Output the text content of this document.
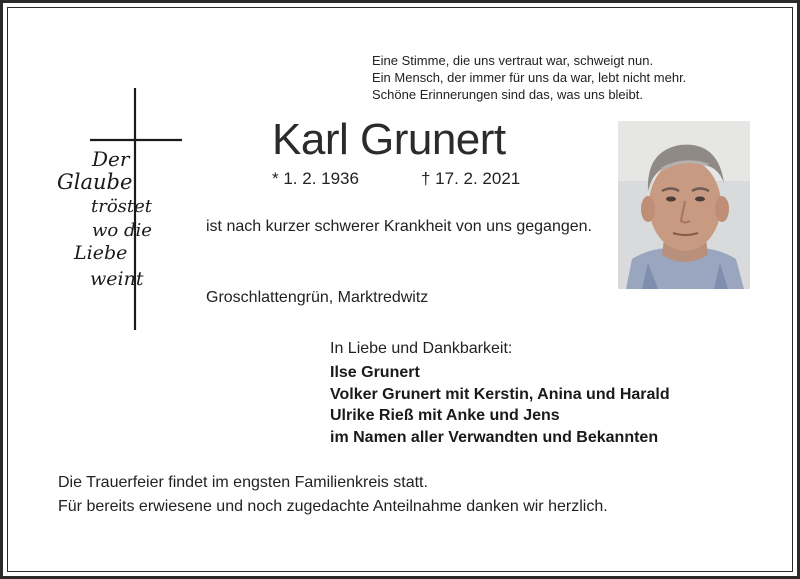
Eine Stimme, die uns vertraut war, schweigt nun.
Ein Mensch, der immer für uns da war, lebt nicht mehr.
Schöne Erinnerungen sind das, was uns bleibt.
Der
Glaube
tröstet
wo die
Liebe
weint
Karl Grunert
* 1. 2. 1936	† 17. 2. 2021
ist nach kurzer schwerer Krankheit von uns gegangen.
Groschlattengrün, Marktredwitz
In Liebe und Dankbarkeit:
Ilse Grunert
Volker Grunert mit Kerstin, Anina und Harald
Ulrike Rieß mit Anke und Jens
im Namen aller Verwandten und Bekannten
Die Trauerfeier findet im engsten Familienkreis statt.
Für bereits erwiesene und noch zugedachte Anteilnahme danken wir herzlich.
